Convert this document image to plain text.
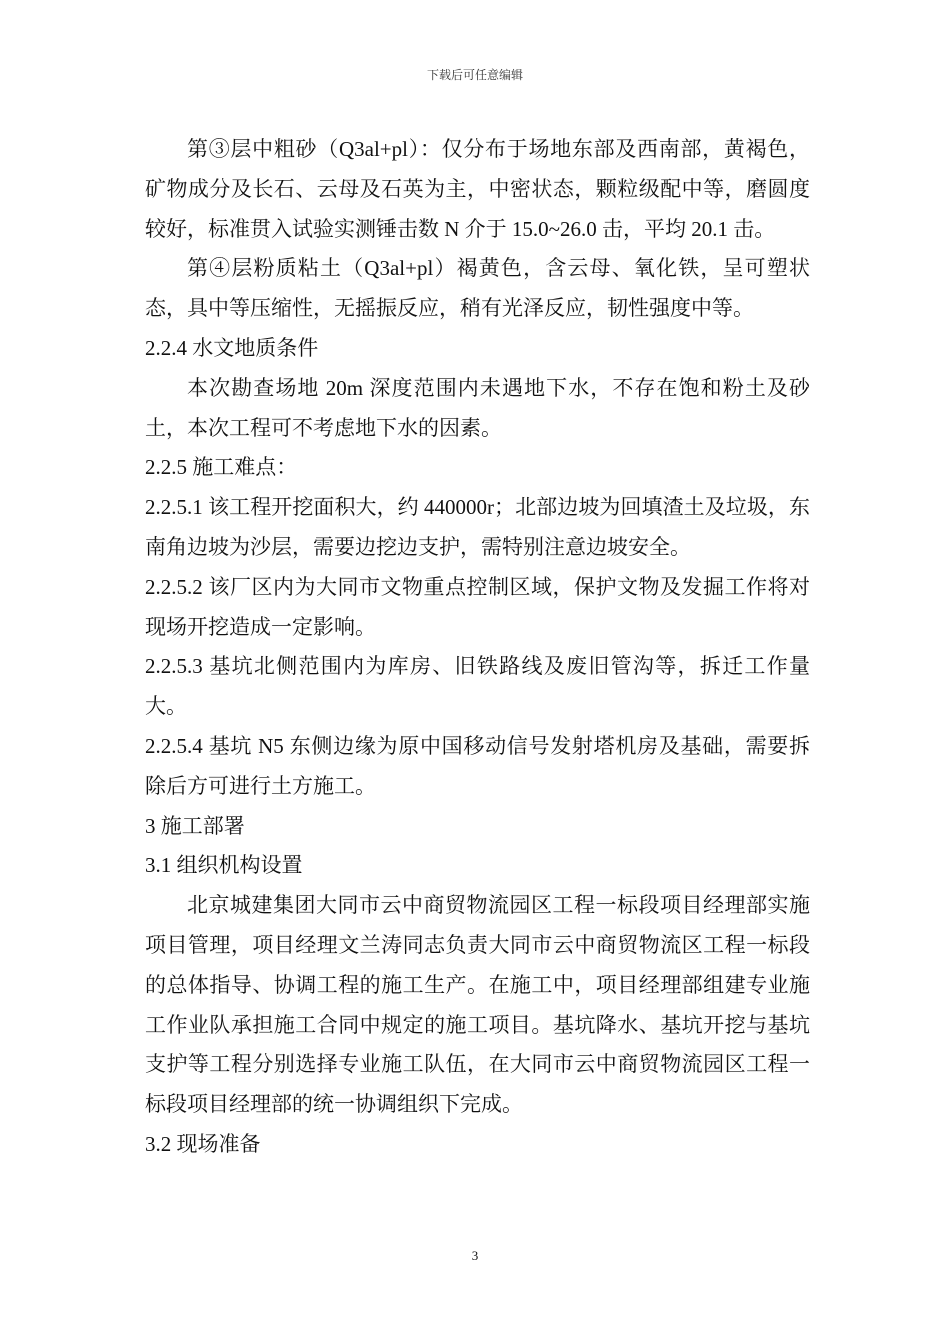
下载后可任意编辑

第③层中粗砂（Q3al+pl）：仅分布于场地东部及西南部，黄褐色，矿物成分及长石、云母及石英为主，中密状态，颗粒级配中等，磨圆度较好，标准贯入试验实测锤击数 N 介于 15.0~26.0 击，平均 20.1 击。

第④层粉质粘土（Q3al+pl）褐黄色，含云母、氧化铁，呈可塑状态，具中等压缩性，无摇振反应，稍有光泽反应，韧性强度中等。

2.2.4 水文地质条件

本次勘查场地 20m 深度范围内未遇地下水，不存在饱和粉土及砂土，本次工程可不考虑地下水的因素。

2.2.5 施工难点：

2.2.5.1 该工程开挖面积大，约 440000r；北部边坡为回填渣土及垃圾，东南角边坡为沙层，需要边挖边支护，需特别注意边坡安全。

2.2.5.2 该厂区内为大同市文物重点控制区域，保护文物及发掘工作将对现场开挖造成一定影响。

2.2.5.3 基坑北侧范围内为库房、旧铁路线及废旧管沟等，拆迁工作量大。

2.2.5.4 基坑 N5 东侧边缘为原中国移动信号发射塔机房及基础，需要拆除后方可进行土方施工。

3 施工部署

3.1 组织机构设置

北京城建集团大同市云中商贸物流园区工程一标段项目经理部实施项目管理，项目经理文兰涛同志负责大同市云中商贸物流区工程一标段的总体指导、协调工程的施工生产。在施工中，项目经理部组建专业施工作业队承担施工合同中规定的施工项目。基坑降水、基坑开挖与基坑支护等工程分别选择专业施工队伍，在大同市云中商贸物流园区工程一标段项目经理部的统一协调组织下完成。

3.2 现场准备

3
